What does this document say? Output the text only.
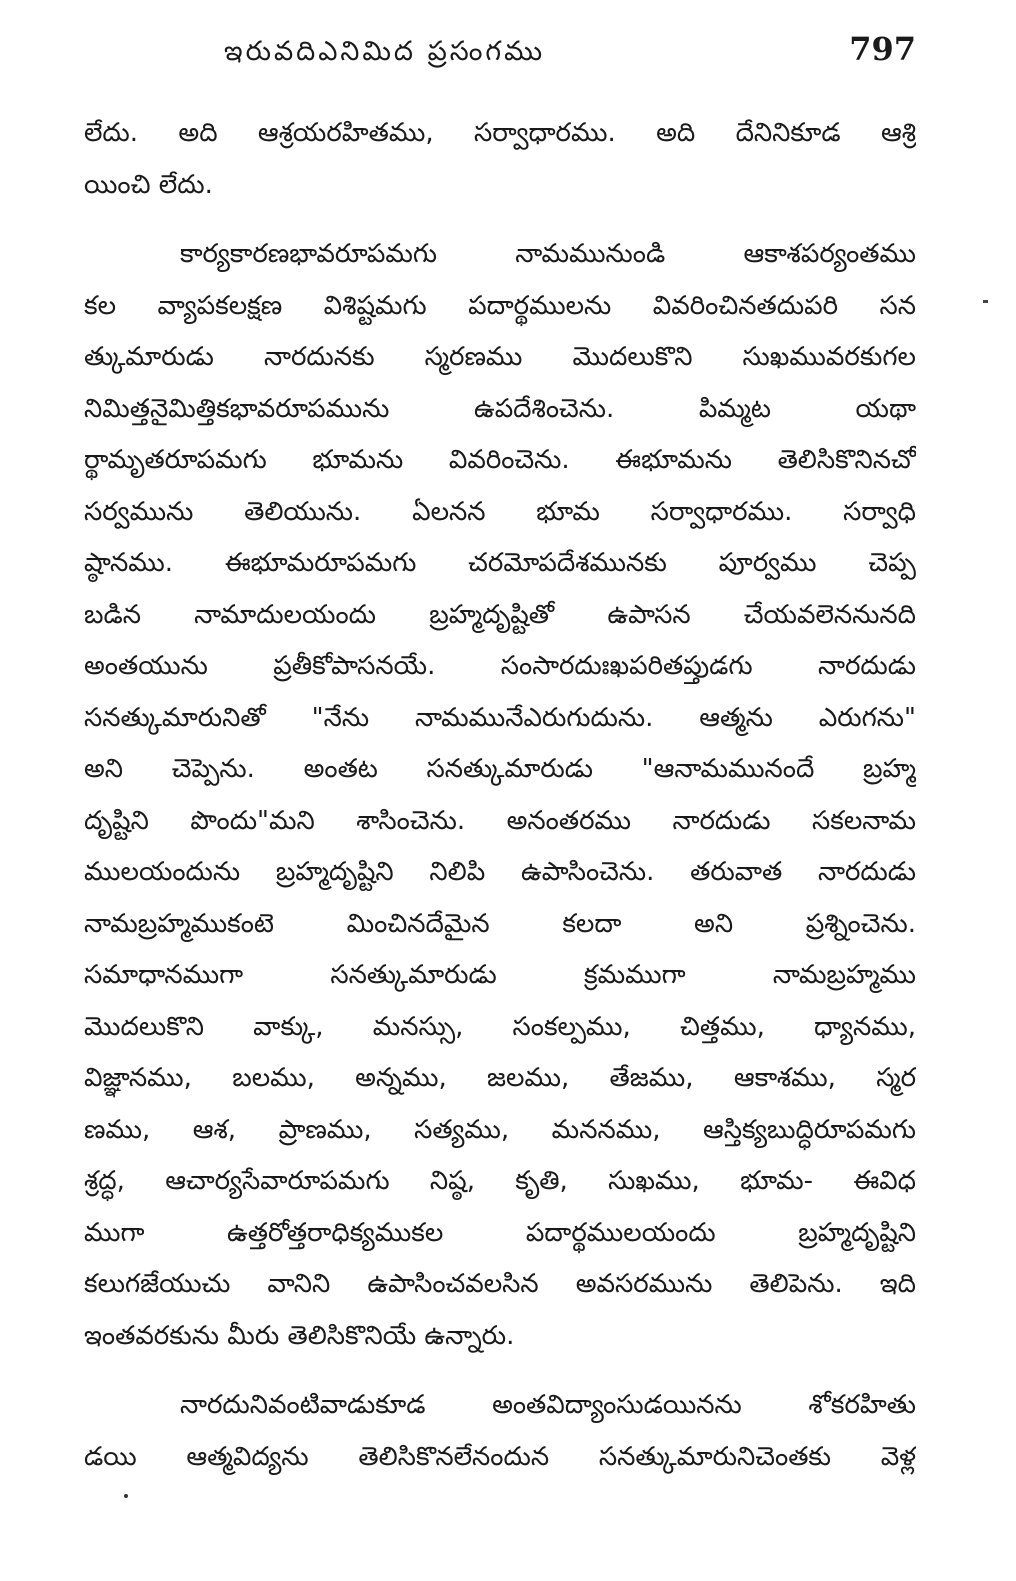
ఇరువదిఎనిమిద ప్రసంగము	797
లేదు. అది ఆశ్రయరహితము, సర్వాధారము. అది దేనినికూడ ఆశ్రి
యించి లేదు.
కార్యకారణభావరూపమగు నామమునుండి ఆకాశపర్యంతము
కల వ్యాపకలక్షణ విశిష్టమగు పదార్థములను వివరించినతదుపరి సన
త్కుమారుడు నారదునకు స్మరణము మొదలుకొని సుఖమువరకుగల
నిమిత్తనైమిత్తికభావరూపమును ఉపదేశించెను. పిమ్మట యథా
ర్థామృతరూపమగు భూమను వివరించెను. ఈభూమను తెలిసికొనినచో
సర్వమును తెలియును. ఏలనన భూమ సర్వాధారము. సర్వాధి
ష్ఠానము. ఈభూమరూపమగు చరమోపదేశమునకు పూర్వము చెప్ప
బడిన నామాదులయందు బ్రహ్మదృష్టితో ఉపాసన చేయవలెననునది
అంతయును ప్రతీకోపాసనయే. సంసారదుఃఖపరితప్తుడగు నారదుడు
సనత్కుమారునితో "నేను నామమునేఎరుగుదును. ఆత్మను ఎరుగను"
అని చెప్పెను. అంతట సనత్కుమారుడు "ఆనామమునందే బ్రహ్మ
దృష్టిని పొందు"మని శాసించెను. అనంతరము నారదుడు సకలనామ
ములయందును బ్రహ్మదృష్టిని నిలిపి ఉపాసించెను. తరువాత నారదుడు
నామబ్రహ్మముకంటె మించినదేమైన కలదా అని ప్రశ్నించెను.
సమాధానముగా సనత్కుమారుడు క్రమముగా నామబ్రహ్మము
మొదలుకొని వాక్కు, మనస్సు, సంకల్పము, చిత్తము, ధ్యానము,
విజ్ఞానము, బలము, అన్నము, జలము, తేజము, ఆకాశము, స్మర
ణము, ఆశ, ప్రాణము, సత్యము, మననము, ఆస్తిక్యబుద్ధిరూపమగు
శ్రద్ధ, ఆచార్యసేవారూపమగు నిష్ఠ, కృతి, సుఖము, భూమ- ఈవిధ
ముగా ఉత్తరోత్తరాధిక్యముకల పదార్థములయందు బ్రహ్మదృష్టిని
కలుగజేయుచు వానిని ఉపాసించవలసిన అవసరమును తెలిపెను. ఇది
ఇంతవరకును మీరు తెలిసికొనియే ఉన్నారు.
నారదునివంటివాడుకూడ అంతవిద్యాంసుడయినను శోకరహితు
డయి ఆత్మవిద్యను తెలిసికొనలేనందున సనత్కుమారునిచెంతకు వెళ్ల
